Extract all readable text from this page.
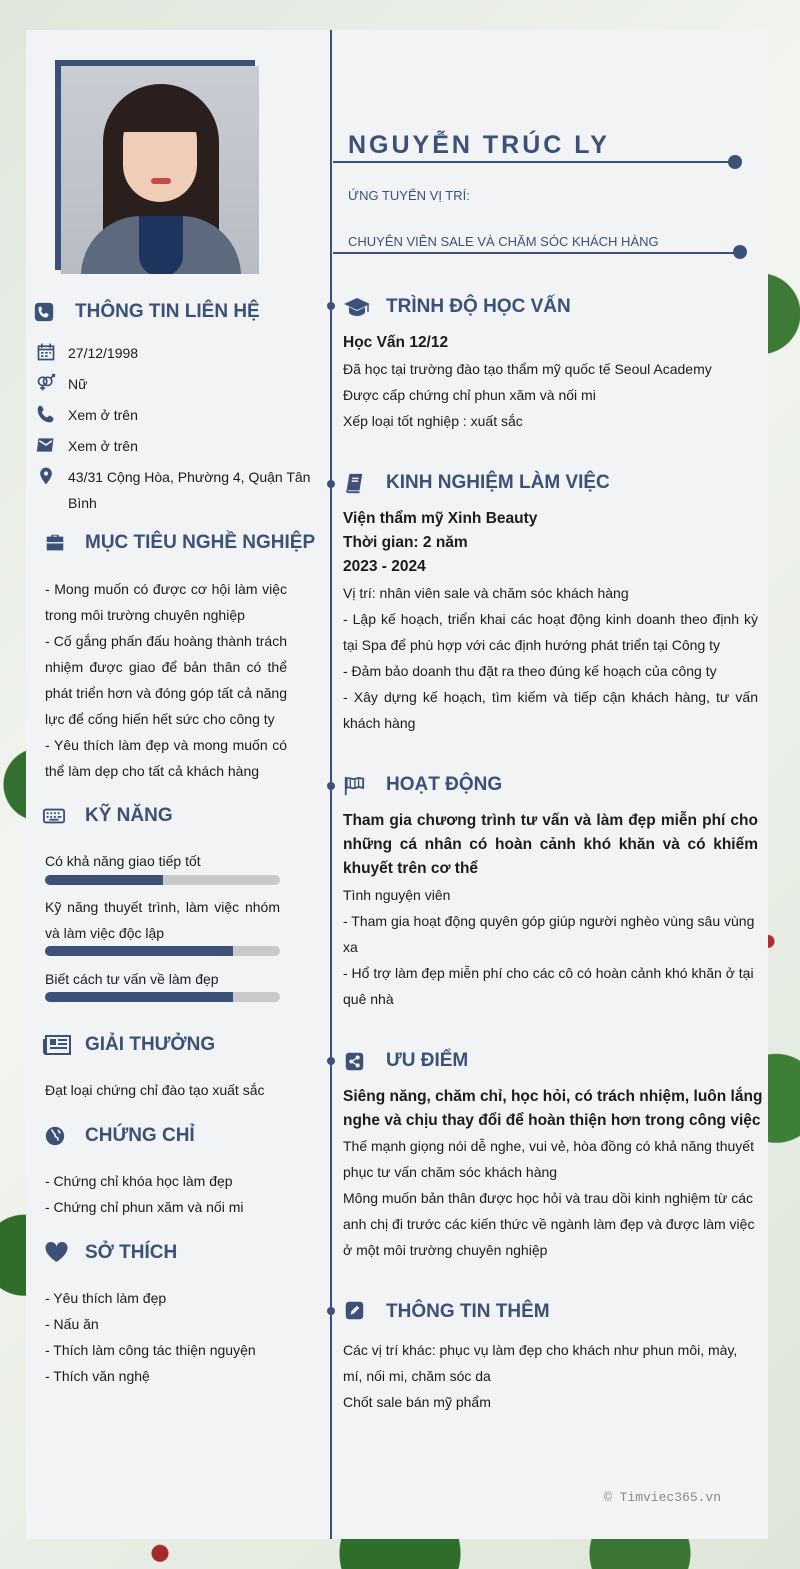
NGUYỄN TRÚC LY
ỨNG TUYỂN VỊ TRÍ:
CHUYÊN VIÊN SALE VÀ CHĂM SÓC KHÁCH HÀNG
THÔNG TIN LIÊN HỆ
27/12/1998
Nữ
Xem ở trên
Xem ở trên
43/31 Cộng Hòa, Phường 4, Quận Tân Bình
MỤC TIÊU NGHỀ NGHIỆP
- Mong muốn có được cơ hội làm việc trong môi trường chuyên nghiệp
- Cố gắng phấn đấu hoàng thành trách nhiệm được giao để bản thân có thể phát triển hơn và đóng góp tất cả năng lực để cống hiến hết sức cho công ty
- Yêu thích làm đẹp và mong muốn có thể làm dẹp cho tất cả khách hàng
KỸ NĂNG
Có khả năng giao tiếp tốt
Kỹ năng thuyết trình, làm việc nhóm và làm việc độc lập
Biết cách tư vấn về làm đẹp
GIẢI THƯỞNG
Đạt loại chứng chỉ đào tạo xuất sắc
CHỨNG CHỈ
- Chứng chỉ khóa học làm đẹp
- Chứng chỉ phun xăm và nối mi
SỞ THÍCH
- Yêu thích làm đẹp
- Nấu ăn
- Thích làm công tác thiện nguyện
- Thích văn nghệ
TRÌNH ĐỘ HỌC VẤN
Học Vấn 12/12
Đã học tại trường đào tạo thẩm mỹ quốc tế Seoul Academy
Được cấp chứng chỉ phun xăm và nối mi
Xếp loại tốt nghiệp : xuất sắc
KINH NGHIỆM LÀM VIỆC
Viện thẩm mỹ Xinh Beauty
Thời gian: 2 năm
2023 - 2024
Vị trí: nhân viên sale và chăm sóc khách hàng
- Lập kế hoạch, triển khai các hoạt động kinh doanh theo định kỳ tại Spa để phù hợp với các định hướng phát triển tại Công ty
- Đảm bảo doanh thu đặt ra theo đúng kế hoạch của công ty
- Xây dựng kế hoạch, tìm kiếm và tiếp cận khách hàng, tư vấn khách hàng
HOẠT ĐỘNG
Tham gia chương trình tư vấn và làm đẹp miễn phí cho những cá nhân có hoàn cảnh khó khăn và có khiếm khuyết trên cơ thể
Tình nguyện viên
- Tham gia hoạt động quyên góp giúp người nghèo vùng sâu vùng xa
- Hổ trợ làm đẹp miễn phí cho các cô có hoàn cảnh khó khăn ở tại quê nhà
ƯU ĐIỂM
Siêng năng, chăm chỉ, học hỏi, có trách nhiệm, luôn lắng nghe và chịu thay đổi để hoàn thiện hơn trong công việc
Thế mạnh giọng nói dễ nghe, vui vẻ, hòa đồng có khả năng thuyết phục tư vấn chăm sóc khách hàng
Mông muốn bản thân được học hỏi và trau dồi kinh nghiệm từ các anh chị đi trước các kiến thức về ngành làm đẹp và được làm việc ở một môi trường chuyên nghiệp
THÔNG TIN THÊM
Các vị trí khác: phục vụ làm đẹp cho khách như phun môi, mày, mí, nối mi, chăm sóc da
Chốt sale bán mỹ phẩm
© Timviec365.vn
